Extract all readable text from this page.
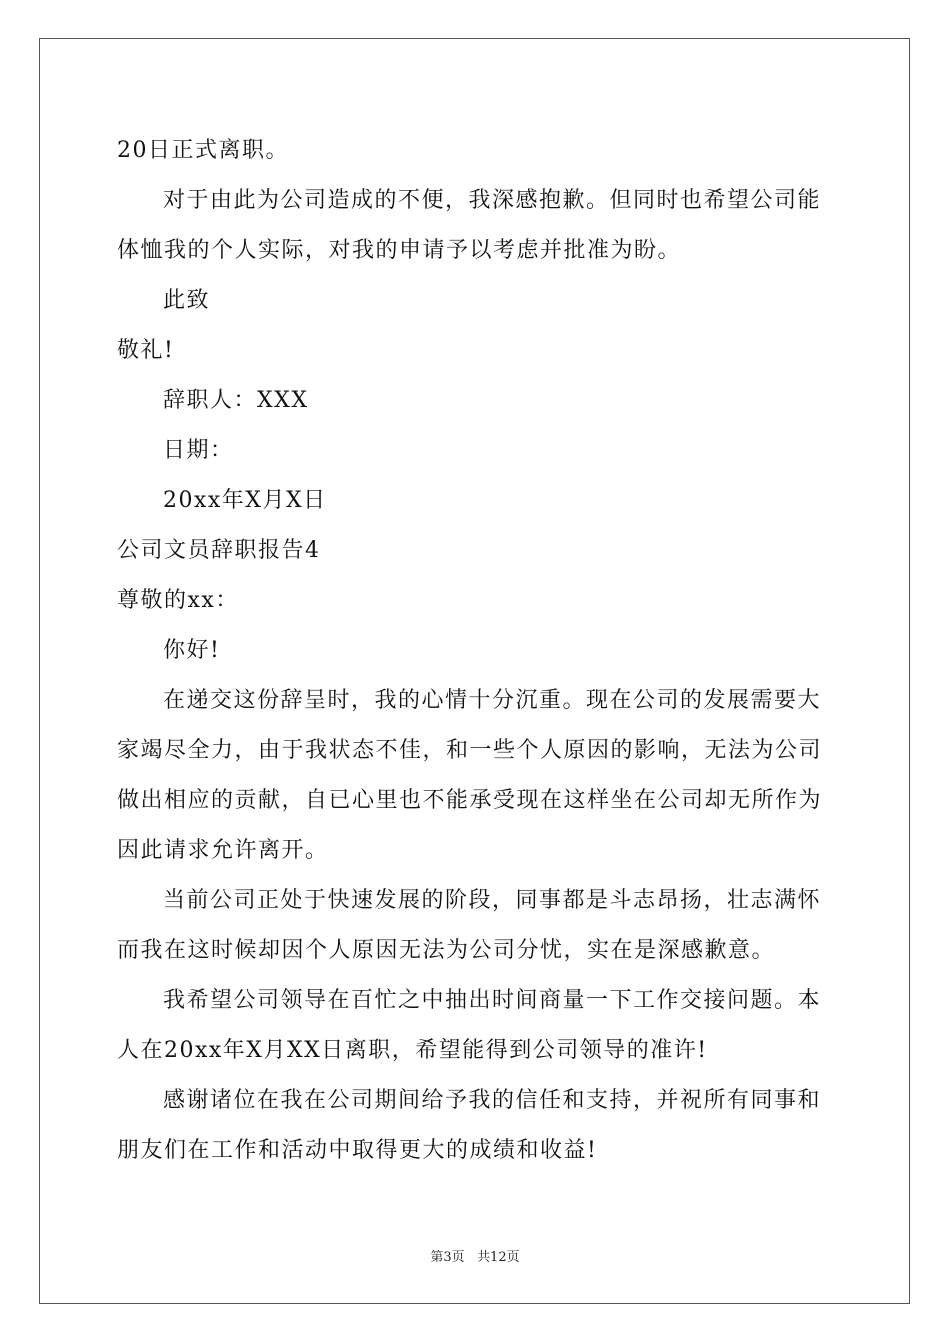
20日正式离职。
对于由此为公司造成的不便，我深感抱歉。但同时也希望公司能
体恤我的个人实际，对我的申请予以考虑并批准为盼。
此致
敬礼!
辞职人：XXX
日期：
20xx年X月X日
公司文员辞职报告4
尊敬的xx：
你好!
在递交这份辞呈时，我的心情十分沉重。现在公司的发展需要大
家竭尽全力，由于我状态不佳，和一些个人原因的影响，无法为公司
做出相应的贡献，自已心里也不能承受现在这样坐在公司却无所作为
因此请求允许离开。
当前公司正处于快速发展的阶段，同事都是斗志昂扬，壮志满怀
而我在这时候却因个人原因无法为公司分忧，实在是深感歉意。
我希望公司领导在百忙之中抽出时间商量一下工作交接问题。本
人在20xx年X月XX日离职，希望能得到公司领导的准许!
感谢诸位在我在公司期间给予我的信任和支持，并祝所有同事和
朋友们在工作和活动中取得更大的成绩和收益!
第3页   共12页
